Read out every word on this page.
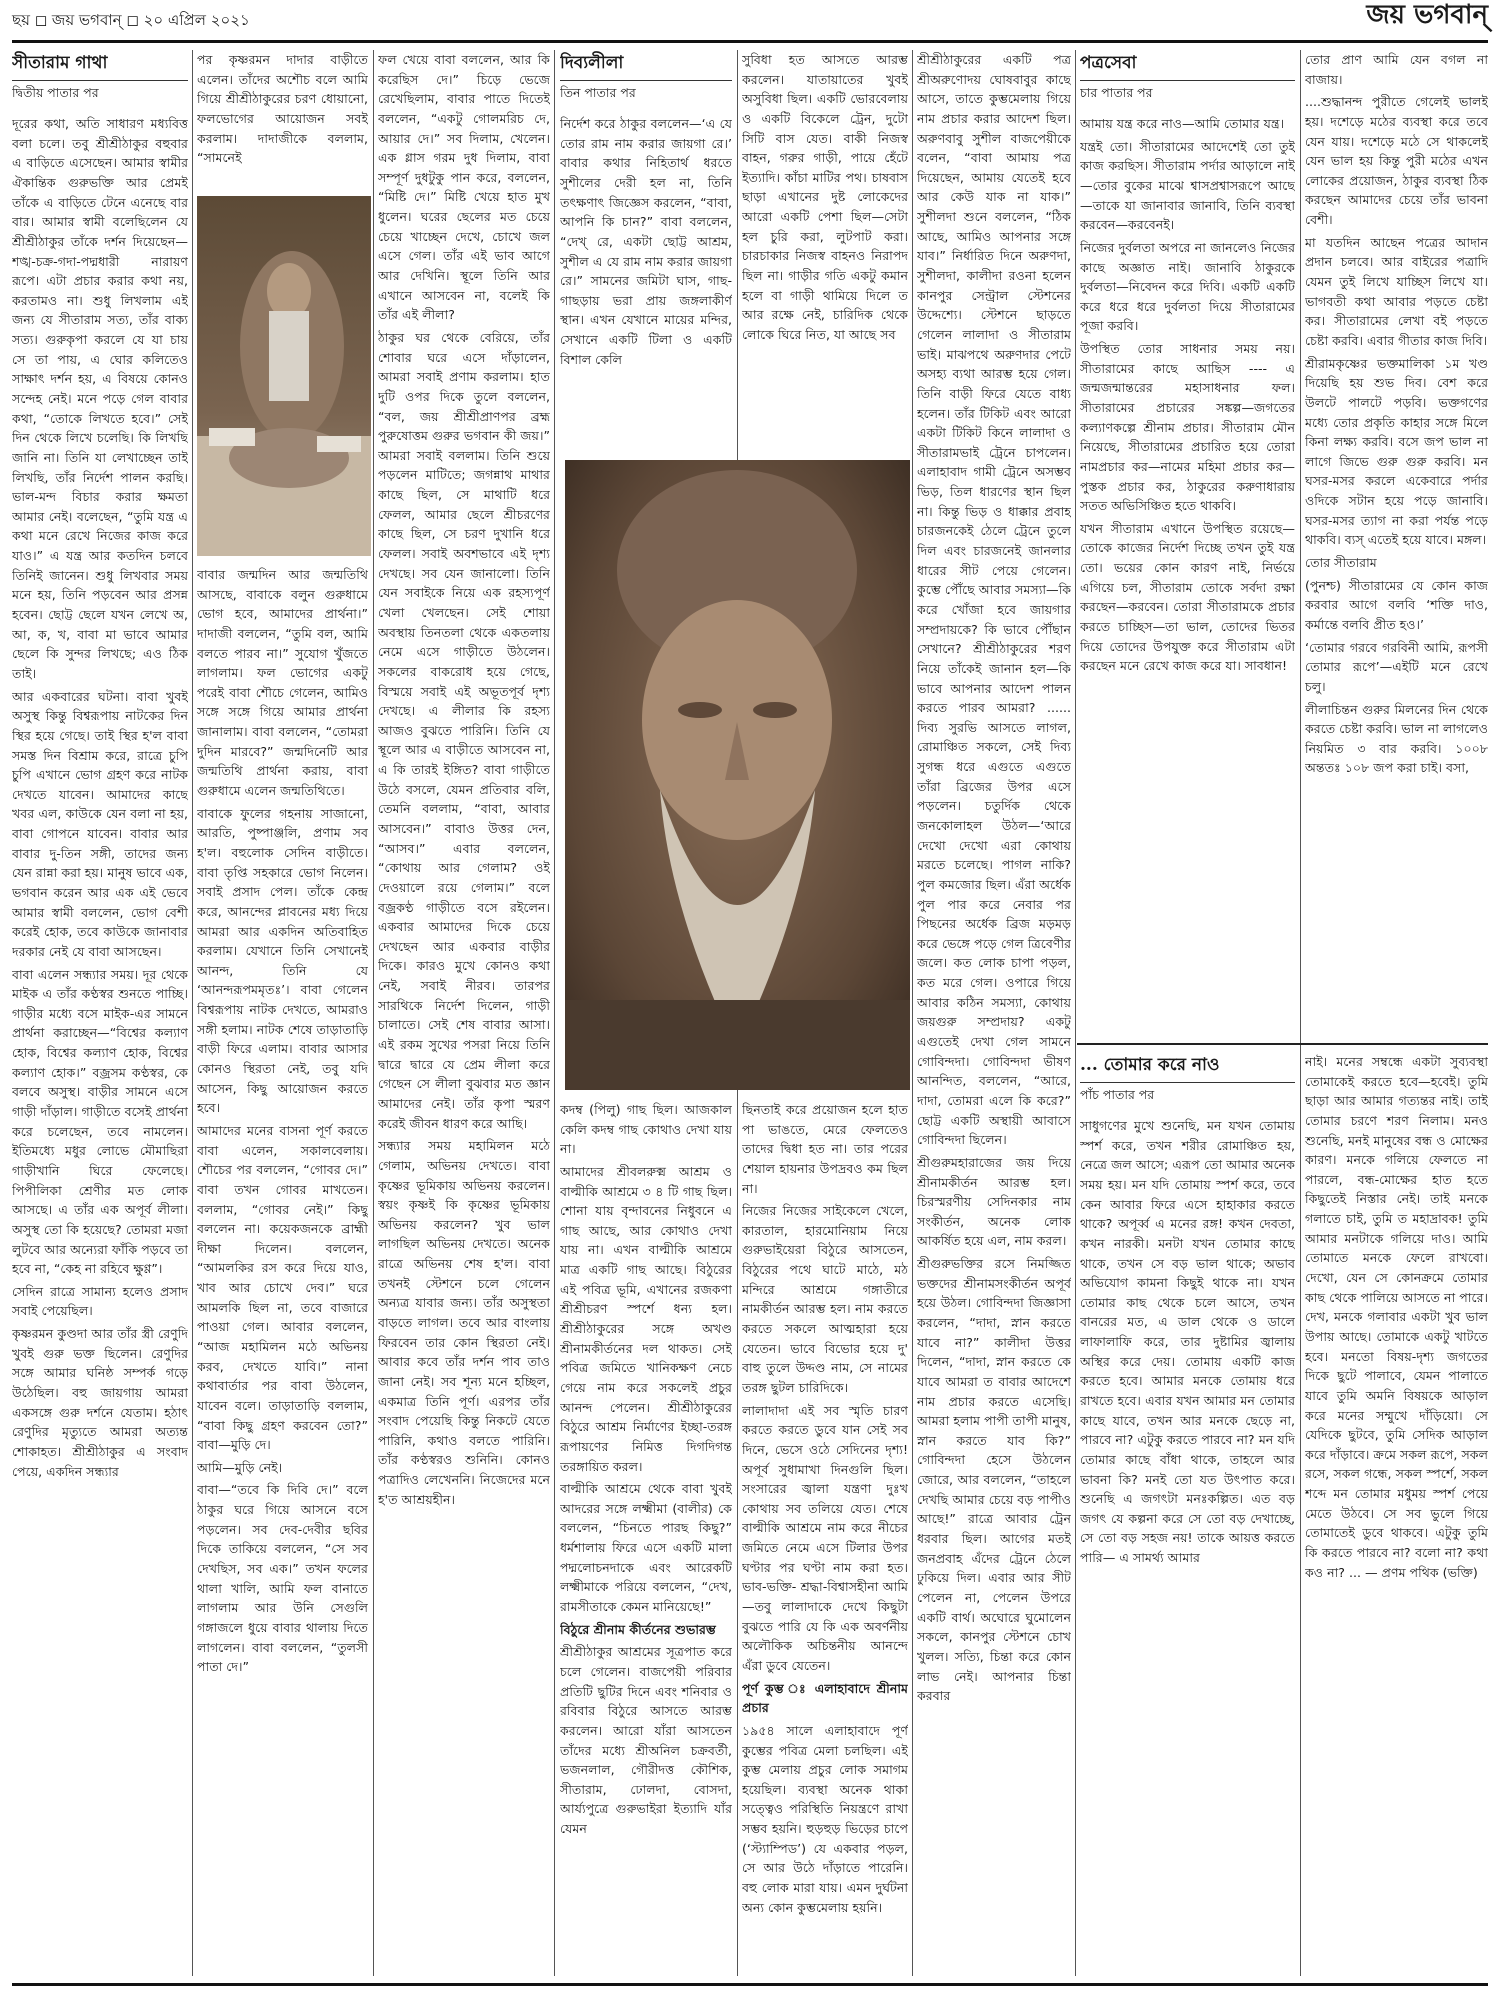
ছয় ◻ জয় ভগবান্ ◻ ২০ এপ্রিল ২০২১	জয় ভগবান্
সীতারাম গাথা
দ্বিতীয় পাতার পর

দূরের কথা, অতি সাধারণ মধ্যবিত্ত বলা চলে। তবু শ্রীশ্রীঠাকুর বহুবার এ বাড়িতে এসেছেন। আমার স্বামীর ঐকান্তিক গুরুভক্তি আর প্রেমই তাঁকে এ বাড়িতে টেনে এনেছে বার বার। আমার স্বামী বলেছিলেন যে শ্রীশ্রীঠাকুর তাঁকে দর্শন দিয়েছেন—শঙ্খ-চক্র-গদা-পদ্মধারী নারায়ণ রূপে। এটা প্রচার করার কথা নয়, করতামও না। শুধু লিখলাম এই জন্য যে সীতারাম সত্য, তাঁর বাক্য সত্য। গুরুকৃপা করলে যে যা চায় সে তা পায়, এ ঘোর কলিতেও সাক্ষাৎ দর্শন হয়, এ বিষয়ে কোনও সন্দেহ নেই। মনে পড়ে গেল বাবার কথা, “তোকে লিখতে হবে।” সেই দিন থেকে লিখে চলেছি। কি লিখছি জানি না। তিনি যা লেখাচ্ছেন তাই লিখছি, তাঁর নির্দেশ পালন করছি। ভাল-মন্দ বিচার করার ক্ষমতা আমার নেই। বলেছেন, “তুমি যন্ত্র এ কথা মনে রেখে নিজের কাজ করে যাও।” এ যন্ত্র আর কতদিন চলবে তিনিই জানেন। শুধু লিখবার সময় মনে হয়, তিনি পড়বেন আর প্রসন্ন হবেন। ছোট্ট ছেলে যখন লেখে অ, আ, ক, খ, বাবা মা ভাবে আমার ছেলে কি সুন্দর লিখছে; এও ঠিক তাই।

আর একবারের ঘটনা। বাবা খুবই অসুস্থ কিন্তু বিশ্বরূপায় নাটকের দিন স্থির হয়ে গেছে। তাই স্থির হ'ল বাবা সমস্ত দিন বিশ্রাম করে, রাত্রে চুপি চুপি এখানে ভোগ গ্রহণ করে নাটক দেখতে যাবেন। আমাদের কাছে খবর এল, কাউকে যেন বলা না হয়, বাবা গোপনে যাবেন। বাবার আর বাবার দু-তিন সঙ্গী, তাদের জন্য যেন রান্না করা হয়। মানুষ ভাবে এক, ভগবান করেন আর এক এই ভেবে আমার স্বামী বললেন, ভোগ বেশী করেই হোক, তবে কাউকে জানাবার দরকার নেই যে বাবা আসছেন।

বাবা এলেন সন্ধ্যার সময়। দূর থেকে মাইক এ তাঁর কণ্ঠস্বর শুনতে পাচ্ছি। গাড়ীর মধ্যে বসে মাইক-এর সামনে প্রার্থনা করাচ্ছেন—“বিশ্বের কল্যাণ হোক, বিশ্বের কল্যাণ হোক, বিশ্বের কল্যাণ হোক।” বজ্রসম কণ্ঠস্বর, কে বলবে অসুস্থ। বাড়ীর সামনে এসে গাড়ী দাঁড়াল। গাড়ীতে বসেই প্রার্থনা করে চলেছেন, তবে নামলেন। ইতিমধ্যে মধুর লোভে মৌমাছিরা গাড়ীখানি ঘিরে ফেলেছে। পিপীলিকা শ্রেণীর মত লোক আসছে। এ তাঁর এক অপূর্ব লীলা। অসুস্থ তো কি হয়েছে? তোমরা মজা লুটবে আর অন্যেরা ফাঁকি পড়বে তা হবে না, “কেহ না রহিবে ক্ষুণ্ণ”।

সেদিন রাত্রে সামান্য হলেও প্রসাদ সবাই পেয়েছিল।

কৃষ্ণরমন কুণ্ডদা আর তাঁর স্ত্রী রেণুদি খুবই গুরু ভক্ত ছিলেন। রেণুদির সঙ্গে আমার ঘনিষ্ঠ সম্পর্ক গড়ে উঠেছিল। বহু জায়গায় আমরা একসঙ্গে গুরু দর্শনে যেতাম। হঠাৎ রেণুদির মৃত্যুতে আমরা অত্যন্ত শোকাহত। শ্রীশ্রীঠাকুর এ সংবাদ পেয়ে, একদিন সন্ধ্যার

পর কৃষ্ণরমন দাদার বাড়ীতে এলেন। তাঁদের অশৌচ বলে আমি গিয়ে শ্রীশ্রীঠাকুরের চরণ ধোয়ানো, ফলভোগের আয়োজন সবই করলাম। দাদাজীকে বললাম, “সামনেই

বাবার জন্মদিন আর জন্মতিথি আসছে, বাবাকে বলুন গুরুধামে ভোগ হবে, আমাদের প্রার্থনা।” দাদাজী বললেন, “তুমি বল, আমি বলতে পারব না।” সুযোগ খুঁজতে লাগলাম। ফল ভোগের একটু পরেই বাবা শৌচে গেলেন, আমিও সঙ্গে সঙ্গে গিয়ে আমার প্রার্থনা জানালাম। বাবা বললেন, “তোমরা দুদিন মারবে?” জন্মদিনেটি আর জন্মতিথি প্রার্থনা করায়, বাবা গুরুধামে এলেন জন্মতিথিতে।

বাবাকে ফুলের গহনায় সাজানো, আরতি, পুষ্পাঞ্জলি, প্রণাম সব হ'ল। বহুলোক সেদিন বাড়ীতে। বাবা তৃপ্তি সহকারে ভোগ নিলেন। সবাই প্রসাদ পেল। তাঁকে কেন্দ্র করে, আনন্দের প্লাবনের মধ্য দিয়ে আমরা আর একদিন অতিবাহিত করলাম। যেখানে তিনি সেখানেই আনন্দ, তিনি যে ‘আনন্দরূপমমৃতঃ’। বাবা গেলেন বিশ্বরূপায় নাটক দেখতে, আমরাও সঙ্গী হলাম। নাটক শেষে তাড়াতাড়ি বাড়ী ফিরে এলাম। বাবার আসার কোনও স্থিরতা নেই, তবু যদি আসেন, কিছু আয়োজন করতে হবে।

আমাদের মনের বাসনা পূর্ণ করতে বাবা এলেন, সকালবেলায়। শৌচের পর বললেন, “গোবর দে।” বাবা তখন গোবর মাখতেন। বললাম, “গোবর নেই।” কিছু বললেন না। কয়েকজনকে ব্রাহ্মী দীক্ষা দিলেন। বললেন, “আমলকির রস করে দিয়ে যাও, খাব আর চোখে দেব।” ঘরে আমলকি ছিল না, তবে বাজারে পাওয়া গেল। আবার বললেন, “আজ মহামিলন মঠে অভিনয় করব, দেখতে যাবি।” নানা কথাবার্তার পর বাবা উঠলেন, যাবেন বলে। তাড়াতাড়ি বললাম, “বাবা কিছু গ্রহণ করবেন তো?” বাবা—মুড়ি দে।

আমি—মুড়ি নেই।

বাবা—“তবে কি দিবি দে।” বলে ঠাকুর ঘরে গিয়ে আসনে বসে পড়লেন। সব দেব-দেবীর ছবির দিকে তাকিয়ে বললেন, “সে সব দেখছিস, সব এক।” তখন ফলের থালা খালি, আমি ফল বানাতে লাগলাম আর উনি সেগুলি গঙ্গাজলে ধুয়ে বাবার থালায় দিতে লাগলেন। বাবা বললেন, “তুলসী পাতা দে।”

ফল খেয়ে বাবা বললেন, আর কি করেছিস দে।” চিড়ে ভেজে রেখেছিলাম, বাবার পাতে দিতেই বললেন, “একটু গোলমরিচ দে, আয়ার দে।” সব দিলাম, খেলেন। এক গ্লাস গরম দুধ দিলাম, বাবা সম্পূর্ণ দুধটুকু পান করে, বললেন, “মিষ্টি দে।” মিষ্টি খেয়ে হাত মুখ ধুলেন। ঘরের ছেলের মত চেয়ে চেয়ে খাচ্ছেন দেখে, চোখে জল এসে গেল। তাঁর এই ভাব আগে আর দেখিনি। স্থূলে তিনি আর এখানে আসবেন না, বলেই কি তাঁর এই লীলা?

ঠাকুর ঘর থেকে বেরিয়ে, তাঁর শোবার ঘরে এসে দাঁড়ালেন, আমরা সবাই প্রণাম করলাম। হাত দুটি ওপর দিকে তুলে বললেন, “বল, জয় শ্রীশ্রীপ্রাণপর ব্রহ্ম পুরুষোত্তম গুরুর ভগবান কী জয়।” আমরা সবাই বললাম। তিনি শুয়ে পড়লেন মাটিতে; জগন্নাথ মাথার কাছে ছিল, সে মাথাটি ধরে ফেলল, আমার ছেলে শ্রীচরণের কাছে ছিল, সে চরণ দুখানি ধরে ফেলল। সবাই অবশভাবে এই দৃশ্য দেখছে। সব যেন জানালো। তিনি যেন সবাইকে নিয়ে এক রহস্যপূর্ণ খেলা খেলছেন। সেই শোয়া অবস্থায় তিনতলা থেকে একতলায় নেমে এসে গাড়ীতে উঠলেন। সকলের বাকরোধ হয়ে গেছে, বিস্ময়ে সবাই এই অভূতপূর্ব দৃশ্য দেখছে। এ লীলার কি রহস্য আজও বুঝতে পারিনি। তিনি যে স্থূলে আর এ বাড়ীতে আসবেন না, এ কি তারই ইঙ্গিত? বাবা গাড়ীতে উঠে বসলে, যেমন প্রতিবার বলি, তেমনি বললাম, “বাবা, আবার আসবেন।” বাবাও উত্তর দেন, “আসব।” এবার বললেন, “কোথায় আর গেলাম? ওই দেওয়ালে রয়ে গেলাম।” বলে বজ্রকণ্ঠ গাড়ীতে বসে রইলেন। একবার আমাদের দিকে চেয়ে দেখছেন আর একবার বাড়ীর দিকে। কারও মুখে কোনও কথা নেই, সবাই নীরব। তারপর সারথিকে নির্দেশ দিলেন, গাড়ী চালাতে। সেই শেষ বাবার আসা। এই রকম সুখের পসরা নিয়ে তিনি দ্বারে দ্বারে যে প্রেম লীলা করে গেছেন সে লীলা বুঝবার মত জ্ঞান আমাদের নেই। তাঁর কৃপা স্মরণ করেই জীবন ধারণ করে আছি।

সন্ধ্যার সময় মহামিলন মঠে গেলাম, অভিনয় দেখতে। বাবা কৃষ্ণের ভূমিকায় অভিনয় করলেন। স্বয়ং কৃষ্ণই কি কৃষ্ণের ভূমিকায় অভিনয় করলেন? খুব ভাল লাগছিল অভিনয় দেখতে। অনেক রাত্রে অভিনয় শেষ হ'ল। বাবা তখনই স্টেশনে চলে গেলেন অন্যত্র যাবার জন্য। তাঁর অসুস্থতা বাড়তে লাগল। তবে আর বাংলায় ফিরবেন তার কোন স্থিরতা নেই। আবার কবে তাঁর দর্শন পাব তাও জানা নেই। সব শূন্য মনে হচ্ছিল, একমাত্র তিনি পূর্ণ। এরপর তাঁর সংবাদ পেয়েছি কিন্তু নিকটে যেতে পারিনি, কথাও বলতে পারিনি। তাঁর কণ্ঠস্বরও শুনিনি। কোনও পত্রাদিও লেখেননি। নিজেদের মনে হ'ত আশ্রয়হীন।

দিব্যলীলা
তিন পাতার পর

নির্দেশ করে ঠাকুর বললেন—‘এ যে তোর রাম নাম করার জায়গা রে।’ বাবার কথার নিহিতার্থ ধরতে সুশীলের দেরী হল না, তিনি তৎক্ষণাৎ জিজ্ঞেস করলেন, “বাবা, আপনি কি চান?” বাবা বললেন, “দেখ্ রে, একটা ছোট্ট আশ্রম, সুশীল এ যে রাম নাম করার জায়গা রে।” সামনের জমিটা ঘাস, গাছ-গাছড়ায় ভরা প্রায় জঙ্গলাকীর্ণ স্থান। এখন যেখানে মায়ের মন্দির, সেখানে একটি টিলা ও একটি বিশাল কেলি

সুবিধা হত আসতে আরম্ভ করলেন। যাতায়াতের খুবই অসুবিধা ছিল। একটি ভোরবেলায় ও একটি বিকেলে ট্রেন, দুটো সিটি বাস যেত। বাকী নিজস্ব বাহন, গরুর গাড়ী, পায়ে হেঁটে ইত্যাদি। কাঁচা মাটির পথ। চাষবাস ছাড়া এখানের দুষ্ট লোকেদের আরো একটি পেশা ছিল—সেটা হল চুরি করা, লুটপাট করা। চারচাকার নিজস্ব বাহনও নিরাপদ ছিল না। গাড়ীর গতি একটু কমান হলে বা গাড়ী থামিয়ে দিলে ত আর রক্ষে নেই, চারিদিক থেকে লোকে ঘিরে নিত, যা আছে সব

কদম্ব (পিলু) গাছ ছিল। আজকাল কেলি কদম্ব গাছ কোথাও দেখা যায় না।

আমাদের শ্রীবলরুক্ম আশ্রম ও বাল্মীকি আশ্রমে ৩ ৪ টি গাছ ছিল। শোনা যায় বৃন্দাবনের নিধুবনে এ গাছ আছে, আর কোথাও দেখা যায় না। এখন বাল্মীকি আশ্রমে মাত্র একটি গাছ আছে। বিঠুরের এই পবিত্র ভূমি, এখানের রজকণা শ্রীশ্রীচরণ স্পর্শে ধন্য হল। শ্রীশ্রীঠাকুরের সঙ্গে অখণ্ড শ্রীনামকীর্তনের দল থাকত। সেই পবিত্র জমিতে খানিকক্ষণ নেচে গেয়ে নাম করে সকলেই প্রচুর আনন্দ পেলেন। শ্রীশ্রীঠাকুরের বিঠুরে আশ্রম নির্মাণের ইচ্ছা-তরঙ্গ রূপায়ণের নিমিত্ত দিগদিগন্ত তরঙ্গায়িত করল।

বাল্মীকি আশ্রমে থেকে বাবা খুবই আদরের সঙ্গে লক্ষ্মীমা (বালীর) কে বললেন, “চিনতে পারছ কিছু?” ধর্মশালায় ফিরে এসে একটি মালা পদ্মলোচনদাকে এবং আরেকটি লক্ষ্মীমাকে পরিয়ে বললেন, “দেখ, রামসীতাকে কেমন মানিয়েছে!”

বিঠুরে শ্রীনাম কীর্তনের শুভারম্ভ

শ্রীশ্রীঠাকুর আশ্রমের সূত্রপাত করে চলে গেলেন। বাজপেয়ী পরিবার প্রতিটি ছুটির দিনে এবং শনিবার ও রবিবার বিঠুরে আসতে আরম্ভ করলেন। আরো যাঁরা আসতেন তাঁদের মধ্যে শ্রীঅনিল চক্রবর্তী, ভজনলাল, গৌরীদত্ত কৌশিক, সীতারাম, ঢোলদা, বোসদা, আর্য্যপুত্রে গুরুভাইরা ইত্যাদি যাঁর যেমন

ছিনতাই করে প্রয়োজন হলে হাত পা ভাঙতে, মেরে ফেলতেও তাদের দ্বিধা হত না। তার পরের শেয়াল হায়নার উপদ্রবও কম ছিল না।

নিজের নিজের সাইকেলে খেলে, কারতাল, হারমোনিয়াম নিয়ে গুরুভাইয়েরা বিঠুরে আসতেন, বিঠুরের পথে ঘাটে মাঠে, মঠ মন্দিরে আশ্রমে গঙ্গাতীরে নামকীর্তন আরম্ভ হল। নাম করতে করতে সকলে আত্মহারা হয়ে যেতেন। ভাবে বিভোর হয়ে দু' বাহু তুলে উদ্দণ্ড নাম, সে নামের তরঙ্গ ছুটল চারিদিকে।

লালাদাদা এই সব স্মৃতি চারণ করতে করতে ডুবে যান সেই সব দিনে, ভেসে ওঠে সেদিনের দৃশ্য! অপূর্ব সুধামাখা দিনগুলি ছিল। সংসারের জ্বালা যন্ত্রণা দুঃখ কোথায় সব তলিয়ে যেত। শেষে বাল্মীকি আশ্রমে নাম করে নীচের জমিতে নেমে এসে টিলার উপর ঘণ্টার পর ঘণ্টা নাম করা হত। ভাব-ভক্তি- শ্রদ্ধা-বিশ্বাসহীনা আমি—তবু লালাদাকে দেখে কিছুটা বুঝতে পারি যে কি এক অবর্ণনীয় অলৌকিক অচিন্তনীয় আনন্দে এঁরা ডুবে যেতেন।

পূর্ণ কুম্ভ ঃ এলাহাবাদে শ্রীনাম প্রচার

১৯৫৪ সালে এলাহাবাদে পূর্ণ কুম্ভের পবিত্র মেলা চলছিল। এই কুম্ভ মেলায় প্রচুর লোক সমাগম হয়েছিল। ব্যবস্থা অনেক থাকা সত্ত্বেও পরিস্থিতি নিয়ন্ত্রণে রাখা সম্ভব হয়নি। হুড়হুড় ভিড়ের চাপে (‘স্ট্যাম্পিড’) যে একবার পড়ল, সে আর উঠে দাঁড়াতে পারেনি। বহু লোক মারা যায়। এমন দুর্ঘটনা অন্য কোন কুম্ভমেলায় হয়নি।

শ্রীশ্রীঠাকুরের একটি পত্র শ্রীঅরুণোদয় ঘোষবাবুর কাছে আসে, তাতে কুম্ভমেলায় গিয়ে নাম প্রচার করার আদেশ ছিল। অরুণবাবু সুশীল বাজপেয়ীকে বলেন, “বাবা আমায় পত্র দিয়েছেন, আমায় যেতেই হবে আর কেউ যাক না যাক।” সুশীলদা শুনে বললেন, “ঠিক আছে, আমিও আপনার সঙ্গে যাব।” নির্ধারিত দিনে অরুণদা, সুশীলদা, কালীদা রওনা হলেন কানপুর সেন্ট্রাল স্টেশনের উদ্দেশ্যে। স্টেশনে ছাড়তে গেলেন লালাদা ও সীতারাম ভাই। মাঝপথে অরুণদার পেটে অসহ্য ব্যথা আরম্ভ হয়ে গেল। তিনি বাড়ী ফিরে যেতে বাধ্য হলেন। তাঁর টিকিট এবং আরো একটা টিকিট কিনে লালাদা ও সীতারামভাই ট্রেনে চাপলেন। এলাহাবাদ গামী ট্রেনে অসম্ভব ভিড়, তিল ধারণের স্থান ছিল না। কিন্তু ভিড় ও ধাক্কার প্রবাহ চারজনকেই ঠেলে ট্রেনে তুলে দিল এবং চারজনেই জানলার ধারের সীট পেয়ে গেলেন। কুম্ভে পৌঁছে আবার সমস্যা—কি করে খোঁজা হবে জায়গার সম্প্রদায়কে? কি ভাবে পৌঁছান সেখানে? শ্রীশ্রীঠাকুরের শরণ নিয়ে তাঁকেই জানান হল—কি ভাবে আপনার আদেশ পালন করতে পারব আমরা? ...... দিব্য সুরভি আসতে লাগল, রোমাঞ্চিত সকলে, সেই দিব্য সুগন্ধ ধরে এগুতে এগুতে তাঁরা ব্রিজের উপর এসে পড়লেন। চতুর্দিক থেকে জনকোলাহল উঠল—‘আরে দেখো দেখো এরা কোথায় মরতে চলেছে। পাগল নাকি? পুল কমজোর ছিল। এঁরা অর্ধেক পুল পার করে নেবার পর পিছনের অর্ধেক ব্রিজ মড়মড় করে ভেঙ্গে পড়ে গেল ত্রিবেণীর জলে। কত লোক চাপা পড়ল, কত মরে গেল। ওপারে গিয়ে আবার কঠিন সমস্যা, কোথায় জয়গুরু সম্প্রদায়? একটু এগুতেই দেখা গেল সামনে গোবিন্দদা। গোবিন্দদা ভীষণ আনন্দিত, বললেন, “আরে, দাদা, তোমরা এলে কি করে?” ছোট্ট একটি অস্থায়ী আবাসে গোবিন্দদা ছিলেন।

শ্রীগুরুমহারাজের জয় দিয়ে শ্রীনামকীর্তন আরম্ভ হল। চিরস্মরণীয় সেদিনকার নাম সংকীর্তন, অনেক লোক আকর্ষিত হয়ে এল, নাম করল।

শ্রীগুরুভক্তির রসে নিমজ্জিত ভক্তদের শ্রীনামসংকীর্তন অপূর্ব হয়ে উঠল। গোবিন্দদা জিজ্ঞাসা করলেন, “দাদা, স্নান করতে যাবে না?” কালীদা উত্তর দিলেন, “দাদা, স্নান করতে কে যাবে আমরা ত বাবার আদেশে নাম প্রচার করতে এসেছি। আমরা হলাম পাপী তাপী মানুষ, স্নান করতে যাব কি?” গোবিন্দদা হেসে উঠলেন জোরে, আর বললেন, “তাহলে দেখছি আমার চেয়ে বড় পাপীও আছে!” রাত্রে আবার ট্রেন ধরবার ছিল। আগের মতই জনপ্রবাহ এঁদের ট্রেনে ঠেলে ঢুকিয়ে দিল। এবার আর সীট পেলেন না, পেলেন উপরে একটি বার্থ। অঘোরে ঘুমোলেন সকলে, কানপুর স্টেশনে চোখ খুলল। সত্যি, চিন্তা করে কোন লাভ নেই। আপনার চিন্তা করবার

পত্রসেবা
চার পাতার পর

আমায় যন্ত্র করে নাও—আমি তোমার যন্ত্র।

যন্ত্রই তো। সীতারামের আদেশেই তো তুই কাজ করছিস। সীতারাম পর্দার আড়ালে নাই—তোর বুকের মাঝে শ্বাসপ্রশ্বাসরূপে আছে—তাকে যা জানাবার জানাবি, তিনি ব্যবস্থা করবেন—করবেনই।

নিজের দুর্বলতা অপরে না জানলেও নিজের কাছে অজ্ঞাত নাই। জানাবি ঠাকুরকে দুর্বলতা—নিবেদন করে দিবি। একটি একটি করে ধরে ধরে দুর্বলতা দিয়ে সীতারামের পূজা করবি।

উপস্থিত তোর সাধনার সময় নয়। সীতারামের কাছে আছিস ---- এ জন্মজন্মান্তরের মহাসাধনার ফল। সীতারামের প্রচারের সঙ্কল্প—জগতের কল্যাণকল্পে শ্রীনাম প্রচার। সীতারাম মৌন নিয়েছে, সীতারামের প্রচারিত হয়ে তোরা নামপ্রচার কর—নামের মহিমা প্রচার কর—পুস্তক প্রচার কর, ঠাকুরের করুণাধারায় সতত অভিসিঞ্চিত হতে থাকবি।

যখন সীতারাম এখানে উপস্থিত রয়েছে—তোকে কাজের নির্দেশ দিচ্ছে তখন তুই যন্ত্র তো। ভয়ের কোন কারণ নাই, নির্ভয়ে এগিয়ে চল, সীতারাম তোকে সর্বদা রক্ষা করছেন—করবেন। তোরা সীতারামকে প্রচার করতে চাচ্ছিস—তা ভাল, তোদের ভিতর দিয়ে তোদের উপযুক্ত করে সীতারাম এটা করছেন মনে রেখে কাজ করে যা। সাবধান!

তোর প্রাণ আমি যেন বগল না বাজায়।

....শুদ্ধানন্দ পুরীতে গেলেই ভালই হয়। দশেড়ে মঠের ব্যবস্থা করে তবে যেন যায়। দশেড়ে মঠে সে থাকলেই যেন ভাল হয় কিন্তু পুরী মঠের এখন লোকের প্রয়োজন, ঠাকুর ব্যবস্থা ঠিক করছেন আমাদের চেয়ে তাঁর ভাবনা বেশী।

মা যতদিন আছেন পত্রের আদান প্রদান চলবে। আর বাইরের পত্রাদি যেমন তুই লিখে যাচ্ছিস লিখে যা। ভাগবতী কথা আবার পড়তে চেষ্টা কর। সীতারামের লেখা বই পড়তে চেষ্টা করবি। এবার গীতার কাজ দিবি।

শ্রীরামকৃষ্ণের ভক্তমালিকা ১ম খণ্ড দিয়েছি হয় শুভ দিব। বেশ করে উলটে পালটে পড়বি। ভক্তগণের মধ্যে তোর প্রকৃতি কাহার সঙ্গে মিলে কিনা লক্ষ্য করবি। বসে জপ ভাল না লাগে জিভে গুরু গুরু করবি। মন ঘসর-মসর করলে একেবারে পর্দার ওদিকে সটান হয়ে পড়ে জানাবি। ঘসর-মসর ত্যাগ না করা পর্যন্ত পড়ে থাকবি। ব্যস্‌ এতেই হয়ে যাবে। মঙ্গল।

তোর সীতারাম

(পুনশ্চ) সীতারামের যে কোন কাজ করবার আগে বলবি ‘শক্তি দাও, কর্মান্তে বলবি প্রীত হও।’

‘তোমার গরবে গরবিনী আমি, রূপসী তোমার রূপে’—এইটি মনে রেখে চলু।

লীলাচিন্তন গুরুর মিলনের দিন থেকে করতে চেষ্টা করবি। ভাল না লাগলেও নিয়মিত ৩ বার করবি। ১০০৮ অন্ততঃ ১০৮ জপ করা চাই। বসা,

... তোমার করে নাও
পাঁচ পাতার পর

সাধুগণের মুখে শুনেছি, মন যখন তোমায় স্পর্শ করে, তখন শরীর রোমাঞ্চিত হয়, নেত্রে জল আসে; এরূপ তো আমার অনেক সময় হয়। মন যদি তোমায় স্পর্শ করে, তবে কেন আবার ফিরে এসে হাহাকার করতে থাকে? অপূর্ব্ব এ মনের রঙ্গ! কখন দেবতা, কখন নারকী। মনটা যখন তোমার কাছে থাকে, তখন সে বড় ভাল থাকে; অভাব অভিযোগ কামনা কিছুই থাকে না। যখন তোমার কাছ থেকে চলে আসে, তখন বানরের মত, এ ডাল থেকে ও ডালে লাফালাফি করে, তার দুষ্টামির জ্বালায় অস্থির করে দেয়। তোমায় একটি কাজ করতে হবে। আমার মনকে তোমায় ধরে রাখতে হবে। এবার যখন আমার মন তোমার কাছে যাবে, তখন আর মনকে ছেড়ে না, পারবে না? এটুকু করতে পারবে না? মন যদি তোমার কাছে বাঁধা থাকে, তাহলে আর ভাবনা কি? মনই তো যত উৎপাত করে। শুনেছি এ জগৎটা মনঃকল্পিত। এত বড় জগৎ যে কল্পনা করে সে তো বড় দেখাচ্ছে, সে তো বড় সহজ নয়! তাকে আয়ত্ত করতে পারি— এ সামর্থ্য আমার

নাই। মনের সম্বন্ধে একটা সুব্যবস্থা তোমাকেই করতে হবে—হবেই। তুমি ছাড়া আর আমার গত্যন্তর নাই। তাই তোমার চরণে শরণ নিলাম। মনও শুনেছি, মনই মানুষের বন্ধ ও মোক্ষের কারণ। মনকে গলিয়ে ফেলতে না পারলে, বন্ধ-মোক্ষের হাত হতে কিছুতেই নিস্তার নেই। তাই মনকে গলাতে চাই, তুমি ত মহাদ্রাবক! তুমি আমার মনটাকে গলিয়ে দাও। আমি তোমাতে মনকে ফেলে রাখবো। দেখো, যেন সে কোনক্রমে তোমার কাছ থেকে পালিয়ে আসতে না পারে। দেখ, মনকে গলাবার একটা খুব ভাল উপায় আছে। তোমাকে একটু খাটতে হবে। মনতো বিষয়-দৃশ্য জগতের দিকে ছুটে পালাবে, যেমন পালাতে যাবে তুমি অমনি বিষয়কে আড়াল করে মনের সম্মুখে দাঁড়িয়ো। সে যেদিকে ছুটবে, তুমি সেদিক আড়াল করে দাঁড়াবে। ক্রমে সকল রূপে, সকল রসে, সকল গন্ধে, সকল স্পর্শে, সকল শব্দে মন তোমার মধুময় স্পর্শ পেয়ে মেতে উঠবে। সে সব ভুলে গিয়ে তোমাতেই ডুবে থাকবে। এটুকু তুমি কি করতে পারবে না? বলো না? কথা কও না? ... — প্রণম পথিক (ভক্তি)
